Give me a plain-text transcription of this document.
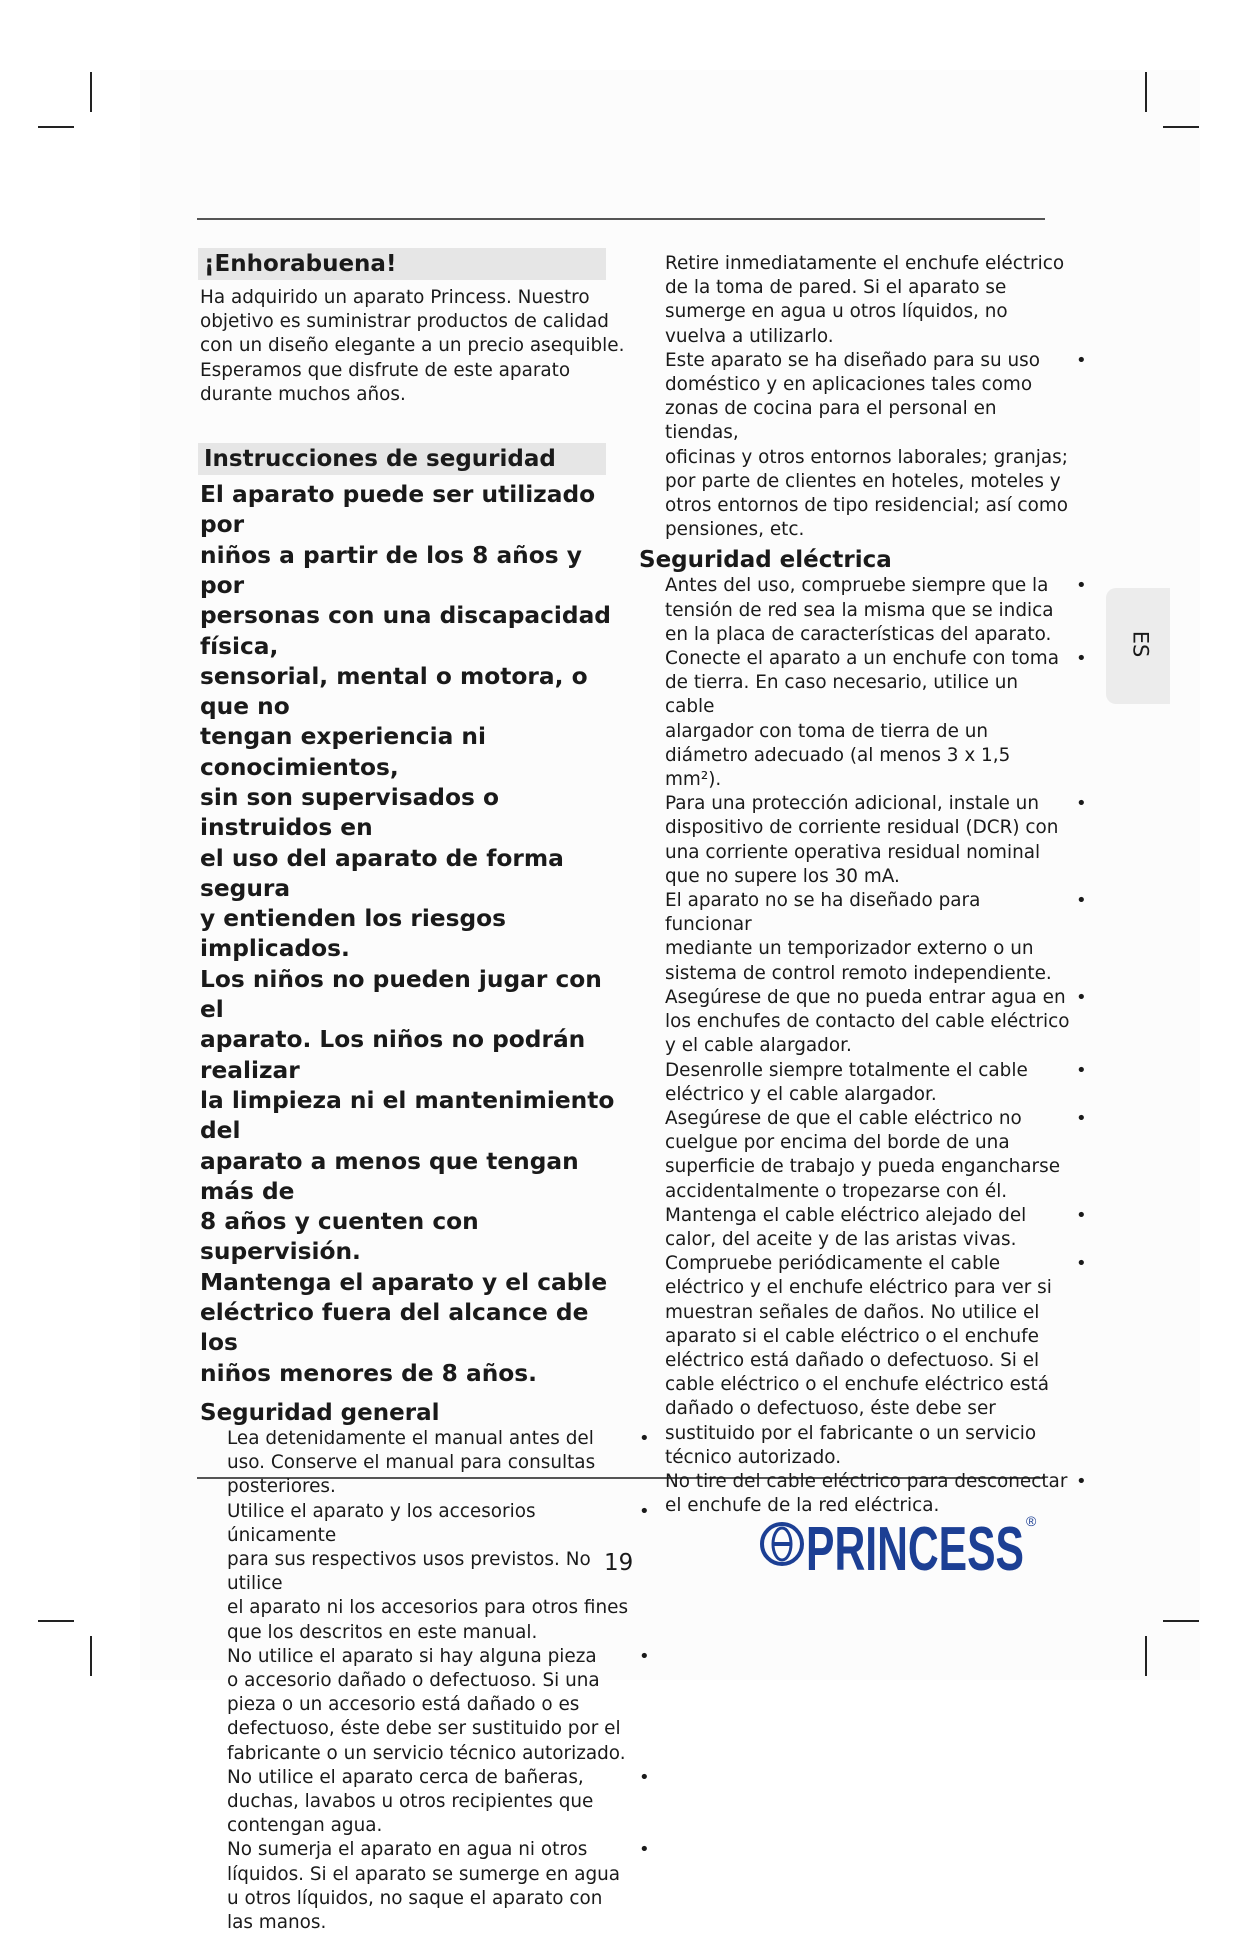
¡Enhorabuena!
Ha adquirido un aparato Princess. Nuestro
objetivo es suministrar productos de calidad
con un diseño elegante a un precio asequible.
Esperamos que disfrute de este aparato
durante muchos años.
Instrucciones de seguridad
El aparato puede ser utilizado por
niños a partir de los 8 años y por
personas con una discapacidad física,
sensorial, mental o motora, o que no
tengan experiencia ni conocimientos,
sin son supervisados o instruidos en
el uso del aparato de forma segura
y entienden los riesgos implicados.
Los niños no pueden jugar con el
aparato. Los niños no podrán realizar
la limpieza ni el mantenimiento del
aparato a menos que tengan más de
8 años y cuenten con supervisión.
Mantenga el aparato y el cable
eléctrico fuera del alcance de los
niños menores de 8 años.
Seguridad general
Lea detenidamente el manual antes del
uso. Conserve el manual para consultas
posteriores.
•
Utilice el aparato y los accesorios únicamente
para sus respectivos usos previstos. No utilice
el aparato ni los accesorios para otros fines
que los descritos en este manual.
•
No utilice el aparato si hay alguna pieza
o accesorio dañado o defectuoso. Si una
pieza o un accesorio está dañado o es
defectuoso, éste debe ser sustituido por el
fabricante o un servicio técnico autorizado.
•
No utilice el aparato cerca de bañeras,
duchas, lavabos u otros recipientes que
contengan agua.
•
No sumerja el aparato en agua ni otros
líquidos. Si el aparato se sumerge en agua
u otros líquidos, no saque el aparato con
las manos.
•
Retire inmediatamente el enchufe eléctrico
de la toma de pared. Si el aparato se
sumerge en agua u otros líquidos, no
vuelva a utilizarlo.
Este aparato se ha diseñado para su uso
doméstico y en aplicaciones tales como
zonas de cocina para el personal en tiendas,
oficinas y otros entornos laborales; granjas;
por parte de clientes en hoteles, moteles y
otros entornos de tipo residencial; así como
pensiones, etc.
•
Seguridad eléctrica
Antes del uso, compruebe siempre que la
tensión de red sea la misma que se indica
en la placa de características del aparato.
•
Conecte el aparato a un enchufe con toma
de tierra. En caso necesario, utilice un cable
alargador con toma de tierra de un
diámetro adecuado (al menos 3 x 1,5 mm²).
•
Para una protección adicional, instale un
dispositivo de corriente residual (DCR) con
una corriente operativa residual nominal
que no supere los 30 mA.
•
El aparato no se ha diseñado para funcionar
mediante un temporizador externo o un
sistema de control remoto independiente.
•
Asegúrese de que no pueda entrar agua en
los enchufes de contacto del cable eléctrico
y el cable alargador.
•
Desenrolle siempre totalmente el cable
eléctrico y el cable alargador.
•
Asegúrese de que el cable eléctrico no
cuelgue por encima del borde de una
superficie de trabajo y pueda engancharse
accidentalmente o tropezarse con él.
•
Mantenga el cable eléctrico alejado del
calor, del aceite y de las aristas vivas.
•
Compruebe periódicamente el cable
eléctrico y el enchufe eléctrico para ver si
muestran señales de daños. No utilice el
aparato si el cable eléctrico o el enchufe
eléctrico está dañado o defectuoso. Si el
cable eléctrico o el enchufe eléctrico está
dañado o defectuoso, éste debe ser
sustituido por el fabricante o un servicio
técnico autorizado.
•
No tire del cable eléctrico para desconectar
el enchufe de la red eléctrica.
•
ES
19	PRINCESS ®
